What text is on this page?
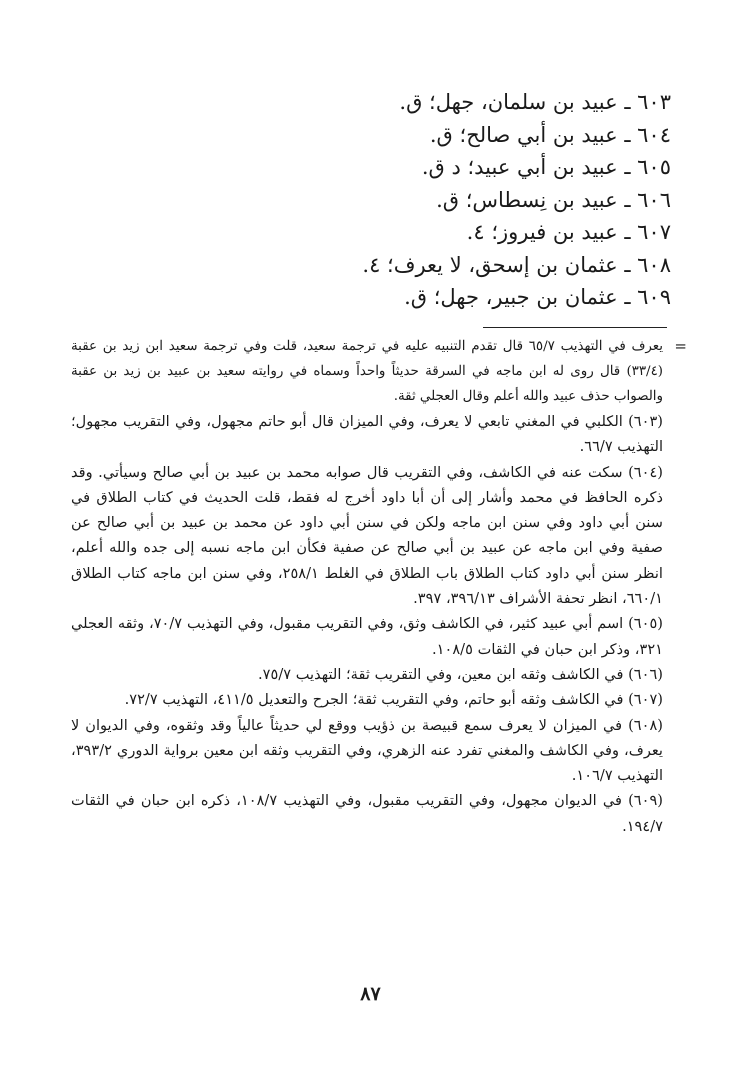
٦٠٣ ـ عبيد بن سلمان، جهل؛ ق.
٦٠٤ ـ عبيد بن أبي صالح؛ ق.
٦٠٥ ـ عبيد بن أبي عبيد؛ د ق.
٦٠٦ ـ عبيد بن نِسطاس؛ ق.
٦٠٧ ـ عبيد بن فيروز؛ ٤.
٦٠٨ ـ عثمان بن إسحق، لا يعرف؛ ٤.
٦٠٩ ـ عثمان بن جبير، جهل؛ ق.

=
يعرف في التهذيب ٦٥/٧ قال تقدم التنبيه عليه في ترجمة سعيد، قلت وفي ترجمة سعيد ابن زيد بن عقبة (٣٣/٤) قال روى له ابن ماجه في السرقة حديثاً واحداً وسماه في روايته سعيد بن عبيد بن زيد بن عقبة والصواب حذف عبيد والله أعلم وقال العجلي ثقة.

(٦٠٣) الكلبي في المغني تابعي لا يعرف، وفي الميزان قال أبو حاتم مجهول، وفي التقريب مجهول؛ التهذيب ٦٦/٧.

(٦٠٤) سكت عنه في الكاشف، وفي التقريب قال صوابه محمد بن عبيد بن أبي صالح وسيأتي. وقد ذكره الحافظ في محمد وأشار إلى أن أبا داود أخرج له فقط، قلت الحديث في كتاب الطلاق في سنن أبي داود وفي سنن ابن ماجه ولكن في سنن أبي داود عن محمد بن عبيد بن أبي صالح عن صفية وفي ابن ماجه عن عبيد بن أبي صالح عن صفية فكأن ابن ماجه نسبه إلى جده والله أعلم، انظر سنن أبي داود كتاب الطلاق باب الطلاق في الغلط ٢٥٨/١، وفي سنن ابن ماجه كتاب الطلاق ٦٦٠/١، انظر تحفة الأشراف ٣٩٦/١٣، ٣٩٧.

(٦٠٥) اسم أبي عبيد كثير، في الكاشف وثق، وفي التقريب مقبول، وفي التهذيب ٧٠/٧، وثقه العجلي ٣٢١، وذكر ابن حبان في الثقات ١٠٨/٥.

(٦٠٦) في الكاشف وثقه ابن معين، وفي التقريب ثقة؛ التهذيب ٧٥/٧.

(٦٠٧) في الكاشف وثقه أبو حاتم، وفي التقريب ثقة؛ الجرح والتعديل ٤١١/٥، التهذيب ٧٢/٧.

(٦٠٨) في الميزان لا يعرف سمع قبيصة بن ذؤيب ووقع لي حديثاً عالياً وقد وثقوه، وفي الديوان لا يعرف، وفي الكاشف والمغني تفرد عنه الزهري، وفي التقريب وثقه ابن معين برواية الدوري ٣٩٣/٢، التهذيب ١٠٦/٧.

(٦٠٩) في الديوان مجهول، وفي التقريب مقبول، وفي التهذيب ١٠٨/٧، ذكره ابن حبان في الثقات ١٩٤/٧.

٨٧
